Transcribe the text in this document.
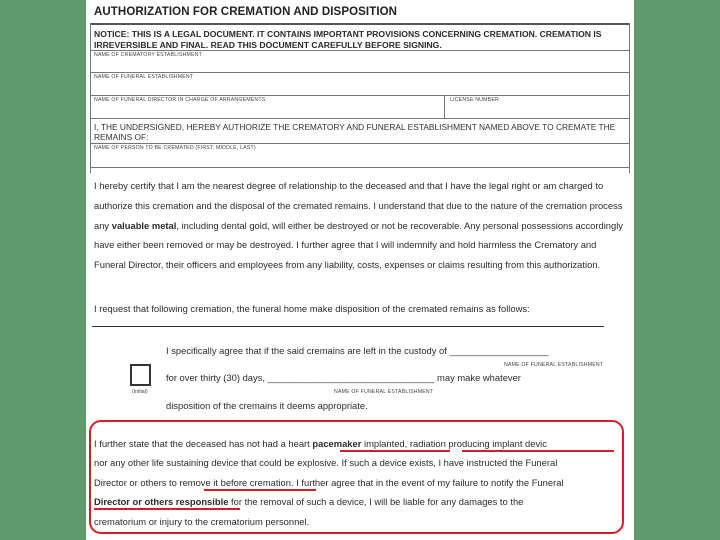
AUTHORIZATION FOR CREMATION AND DISPOSITION
NOTICE: THIS IS A LEGAL DOCUMENT. IT CONTAINS IMPORTANT PROVISIONS CONCERNING CREMATION. CREMATION IS IRREVERSIBLE AND FINAL. READ THIS DOCUMENT CAREFULLY BEFORE SIGNING.
NAME OF CREMATORY ESTABLISHMENT
NAME OF FUNERAL ESTABLISHMENT
NAME OF FUNERAL DIRECTOR IN CHARGE OF ARRANGEMENTS	LICENSE NUMBER
I, THE UNDERSIGNED, HEREBY AUTHORIZE THE CREMATORY AND FUNERAL ESTABLISHMENT NAMED ABOVE TO CREMATE THE REMAINS OF:
NAME OF PERSON TO BE CREMATED (FIRST, MIDDLE, LAST)
I hereby certify that I am the nearest degree of relationship to the deceased and that I have the legal right or am charged to authorize this cremation and the disposal of the cremated remains. I understand that due to the nature of the cremation process any valuable metal, including dental gold, will either be destroyed or not be recoverable. Any personal possessions accordingly have either been removed or may be destroyed. I further agree that I will indemnify and hold harmless the Crematory and Funeral Director, their officers and employees from any liability, costs, expenses or claims resulting from this authorization.
I request that following cremation, the funeral home make disposition of the cremated remains as follows:
I specifically agree that if the said cremains are left in the custody of ___________________
NAME OF FUNERAL ESTABLISHMENT
for over thirty (30) days, ________________________________ may make whatever
NAME OF FUNERAL ESTABLISHMENT
(Initial)
disposition of the cremains it deems appropriate.
I further state that the deceased has not had a heart pacemaker implanted, radiation producing implant devic
nor any other life sustaining device that could be explosive. If such a device exists, I have instructed the Funeral
Director or others to remove it before cremation. I further agree that in the event of my failure to notify the Funeral
Director or others responsible for the removal of such a device, I will be liable for any damages to the
crematorium or injury to the crematorium personnel.
